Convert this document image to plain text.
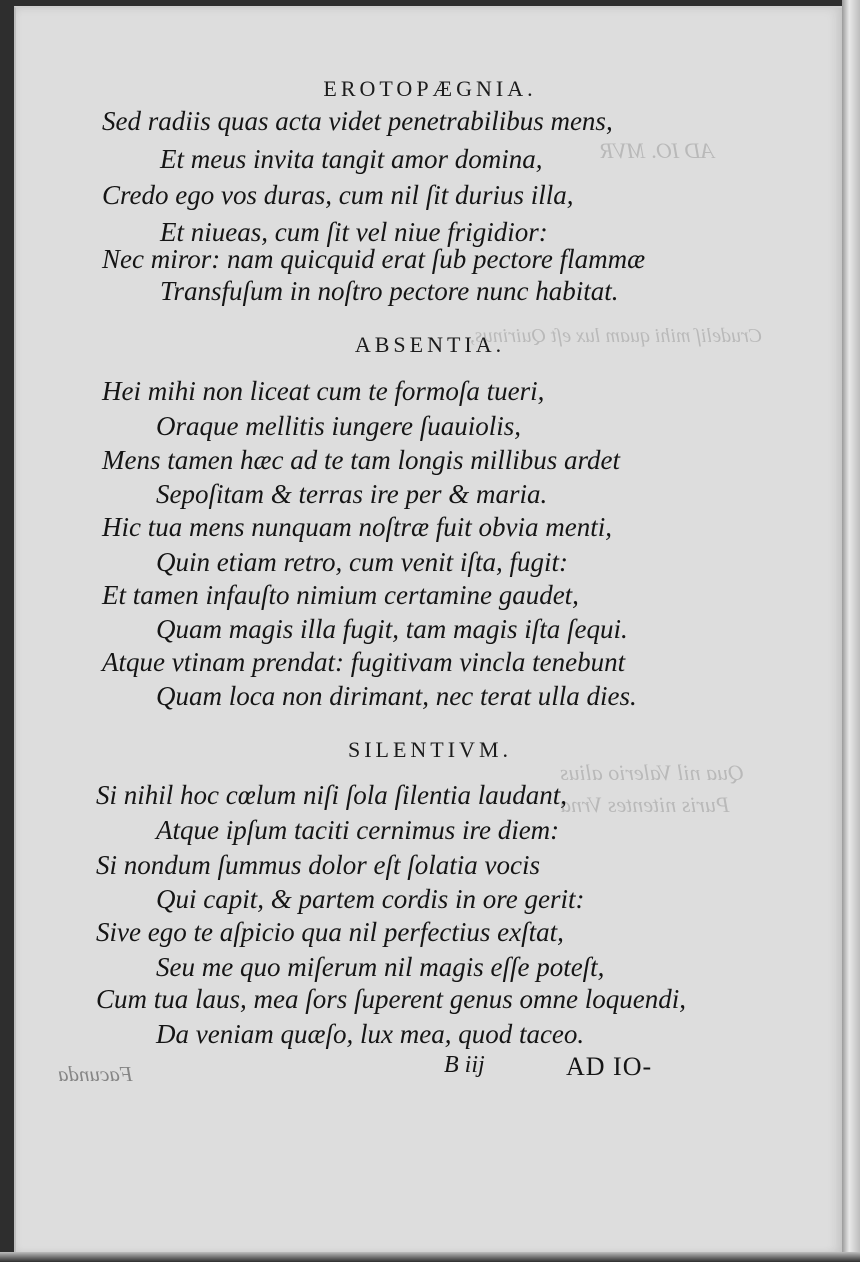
AD IO. MVR
Crudeliſ mihi quam lux eſt Quirinus,
Qua nil Valerio alius
Puris nitentes Vrna
EROTOPÆGNIA.
Sed radiis quas acta videt penetrabilibus mens,
Et meus invita tangit amor domina,
Credo ego vos duras, cum nil ſit durius illa,
Et niueas, cum ſit vel niue frigidior:
Nec miror: nam quicquid erat ſub pectore flammæ
Transfuſum in noſtro pectore nunc habitat.
ABSENTIA.
Hei mihi non liceat cum te formoſa tueri,
Oraque mellitis iungere ſuauiolis,
Mens tamen hæc ad te tam longis millibus ardet
Sepoſitam & terras ire per & maria.
Hic tua mens nunquam noſtræ fuit obvia menti,
Quin etiam retro, cum venit iſta, fugit:
Et tamen infauſto nimium certamine gaudet,
Quam magis illa fugit, tam magis iſta ſequi.
Atque vtinam prendat: fugitivam vincla tenebunt
Quam loca non dirimant, nec terat ulla dies.
SILENTIVM.
Si nihil hoc cœlum niſi ſola ſilentia laudant,
Atque ipſum taciti cernimus ire diem:
Si nondum ſummus dolor eſt ſolatia vocis
Qui capit, & partem cordis in ore gerit:
Sive ego te aſpicio qua nil perfectius exſtat,
Seu me quo miſerum nil magis eſſe poteſt,
Cum tua laus, mea ſors ſuperent genus omne loquendi,
Da veniam quæſo, lux mea, quod taceo.
Facunda	B iij	AD IO-
